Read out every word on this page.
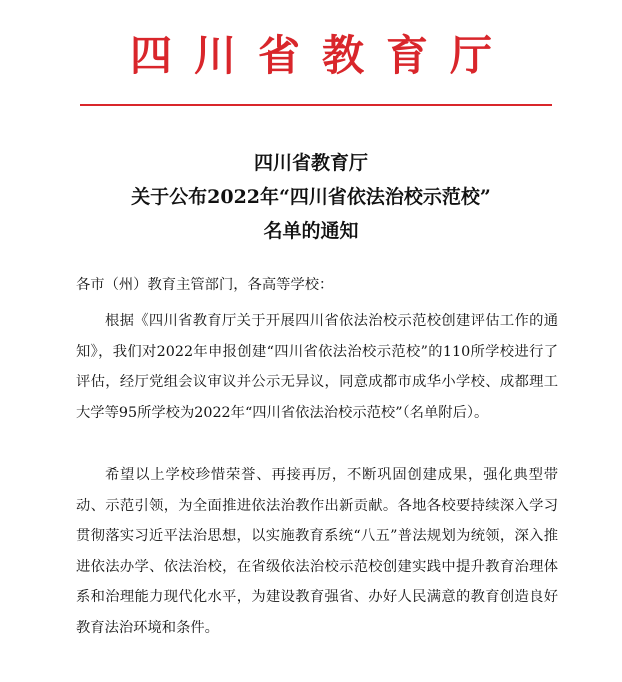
四川省教育厅
四川省教育厅
关于公布2022年“四川省依法治校示范校”
名单的通知
各市（州）教育主管部门，各高等学校：
根据《四川省教育厅关于开展四川省依法治校示范校创建评估工作的通知》，我们对2022年申报创建“四川省依法治校示范校”的110所学校进行了评估，经厅党组会议审议并公示无异议，同意成都市成华小学校、成都理工大学等95所学校为2022年“四川省依法治校示范校”（名单附后）。
希望以上学校珍惜荣誉、再接再厉，不断巩固创建成果，强化典型带动、示范引领，为全面推进依法治教作出新贡献。各地各校要持续深入学习贯彻落实习近平法治思想，以实施教育系统“八五”普法规划为统领，深入推进依法办学、依法治校，在省级依法治校示范校创建实践中提升教育治理体系和治理能力现代化水平，为建设教育强省、办好人民满意的教育创造良好教育法治环境和条件。
